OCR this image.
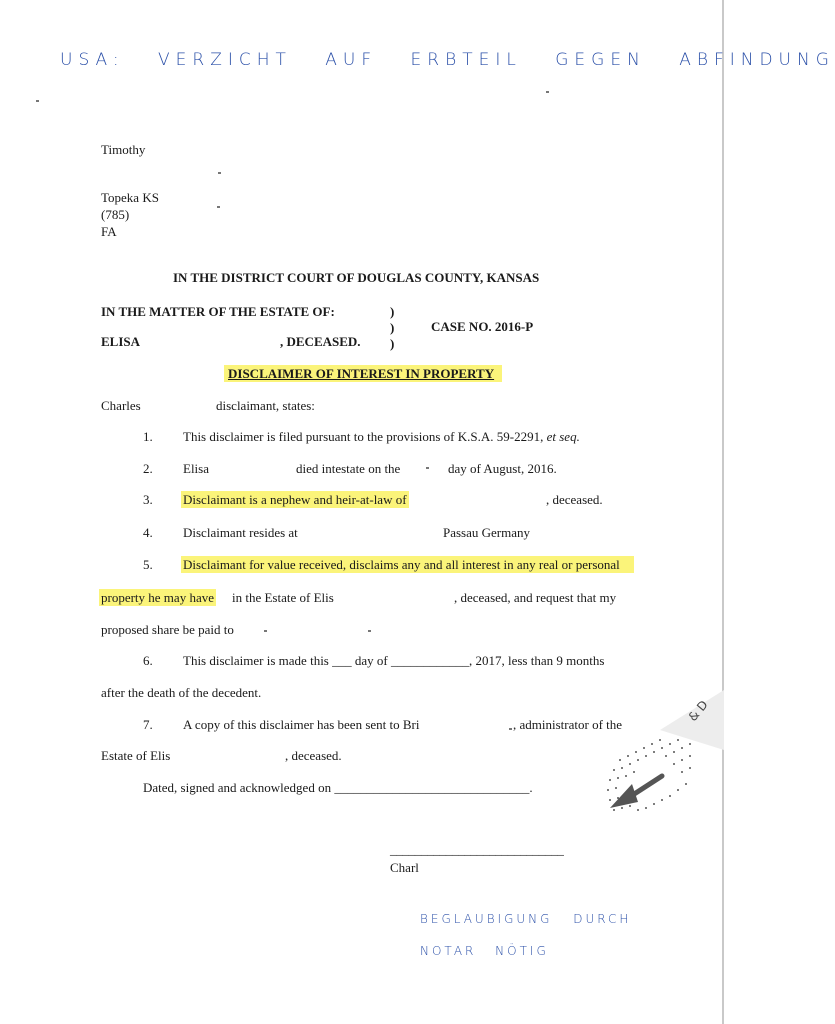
USA: VERZICHT AUF ERBTEIL GEGEN ABFINDUNG
Timothy
Topeka KS
(785)
FA
IN THE DISTRICT COURT OF DOUGLAS COUNTY, KANSAS
IN THE MATTER OF THE ESTATE OF:	)
)	CASE NO. 2016-P
ELISA	, DECEASED. )
DISCLAIMER OF INTEREST IN PROPERTY
Charles	disclaimant, states:
1. This disclaimer is filed pursuant to the provisions of K.S.A. 59-2291, et seq.
2. Elisa	died intestate on the	day of August, 2016.
3. Disclaimant is a nephew and heir-at-law of	, deceased.
4. Disclaimant resides at	Passau Germany
5. Disclaimant for value received, disclaims any and all interest in any real or personal
property he may have in the Estate of Elis	, deceased, and request that my
proposed share be paid to
6. This disclaimer is made this ___ day of ____________, 2017, less than 9 months
after the death of the decedent.
7. A copy of this disclaimer has been sent to Bri	, administrator of the
Estate of Elis	, deceased.
Dated, signed and acknowledged on ______________________________.
____________________________
Charl
& D
BEGLAUBIGUNG DURCH
NOTAR NÖTIG
